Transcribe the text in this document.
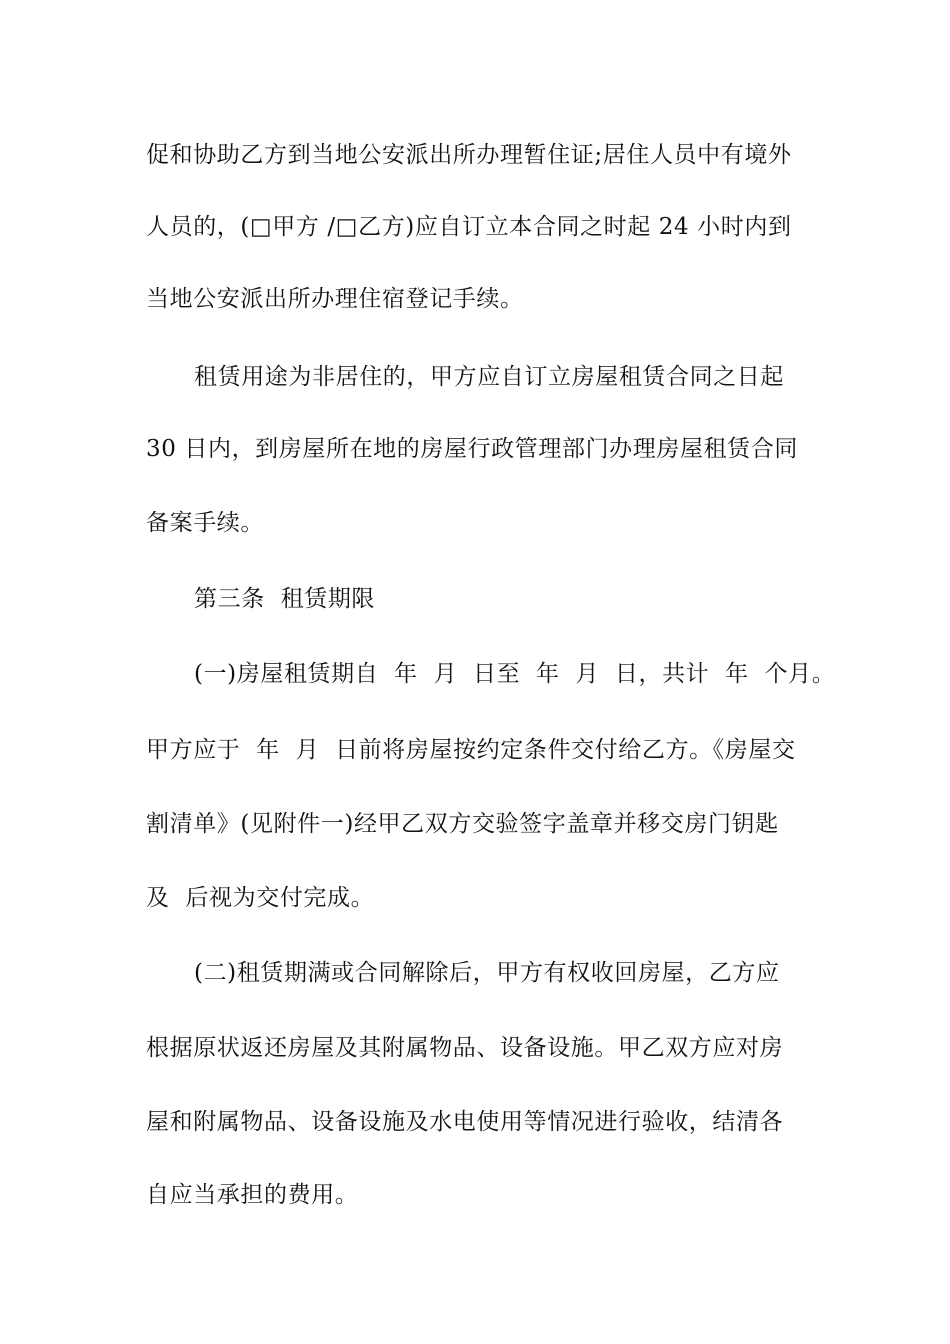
促和协助乙方到当地公安派出所办理暂住证;居住人员中有境外
人员的，(□甲方 /□乙方)应自订立本合同之时起 24 小时内到
当地公安派出所办理住宿登记手续。
租赁用途为非居住的，甲方应自订立房屋租赁合同之日起
30 日内，到房屋所在地的房屋行政管理部门办理房屋租赁合同
备案手续。
第三条  租赁期限
(一)房屋租赁期自  年  月  日至  年  月  日，共计  年  个月。
甲方应于  年  月  日前将房屋按约定条件交付给乙方。《房屋交
割清单》(见附件一)经甲乙双方交验签字盖章并移交房门钥匙
及  后视为交付完成。
(二)租赁期满或合同解除后，甲方有权收回房屋，乙方应
根据原状返还房屋及其附属物品、设备设施。甲乙双方应对房
屋和附属物品、设备设施及水电使用等情况进行验收，结清各
自应当承担的费用。
